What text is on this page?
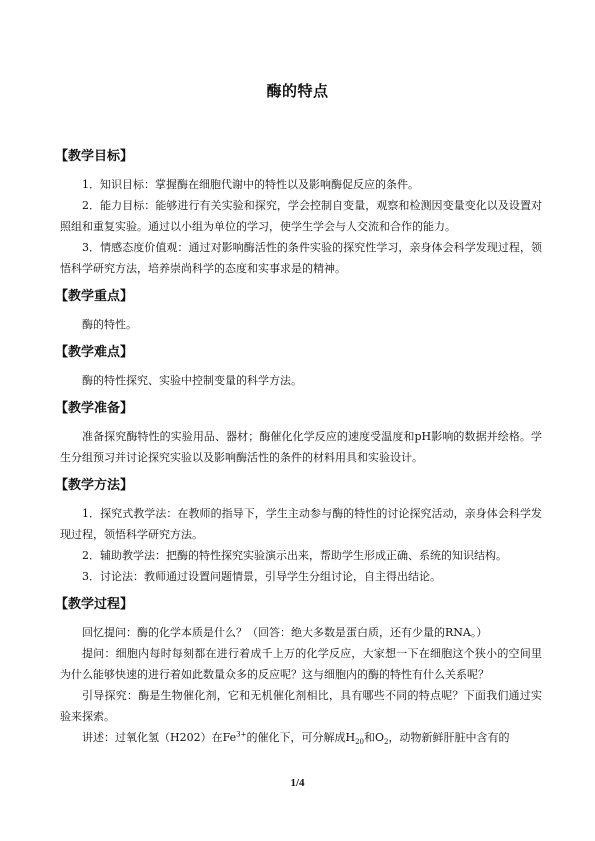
酶的特点
【教学目标】

1．知识目标：掌握酶在细胞代谢中的特性以及影响酶促反应的条件。

2．能力目标：能够进行有关实验和探究，学会控制自变量，观察和检测因变量变化以及设置对照组和重复实验。通过以小组为单位的学习，使学生学会与人交流和合作的能力。

3．情感态度价值观：通过对影响酶活性的条件实验的探究性学习，亲身体会科学发现过程，领悟科学研究方法，培养崇尚科学的态度和实事求是的精神。

【教学重点】

酶的特性。

【教学难点】

酶的特性探究、实验中控制变量的科学方法。

【教学准备】

准备探究酶特性的实验用品、器材；酶催化化学反应的速度受温度和pH影响的数据并绘格。学生分组预习并讨论探究实验以及影响酶活性的条件的材料用具和实验设计。

【教学方法】

1．探究式教学法：在教师的指导下，学生主动参与酶的特性的讨论探究活动，亲身体会科学发现过程，领悟科学研究方法。

2．辅助教学法：把酶的特性探究实验演示出来，帮助学生形成正确、系统的知识结构。

3．讨论法：教师通过设置问题情景，引导学生分组讨论，自主得出结论。

【教学过程】

回忆提问：酶的化学本质是什么？（回答：绝大多数是蛋白质，还有少量的RNA。）

提问：细胞内每时每刻都在进行着成千上万的化学反应，大家想一下在细胞这个狭小的空间里为什么能够快速的进行着如此数量众多的反应呢？这与细胞内的酶的特性有什么关系呢？

引导探究：酶是生物催化剂，它和无机催化剂相比，具有哪些不同的特点呢？下面我们通过实验来探索。

讲述：过氧化氢（H202）在$Fe^{3+}$的催化下，可分解成$H_{20}$和$O_2$，动物新鲜肝脏中含有的

1/4
